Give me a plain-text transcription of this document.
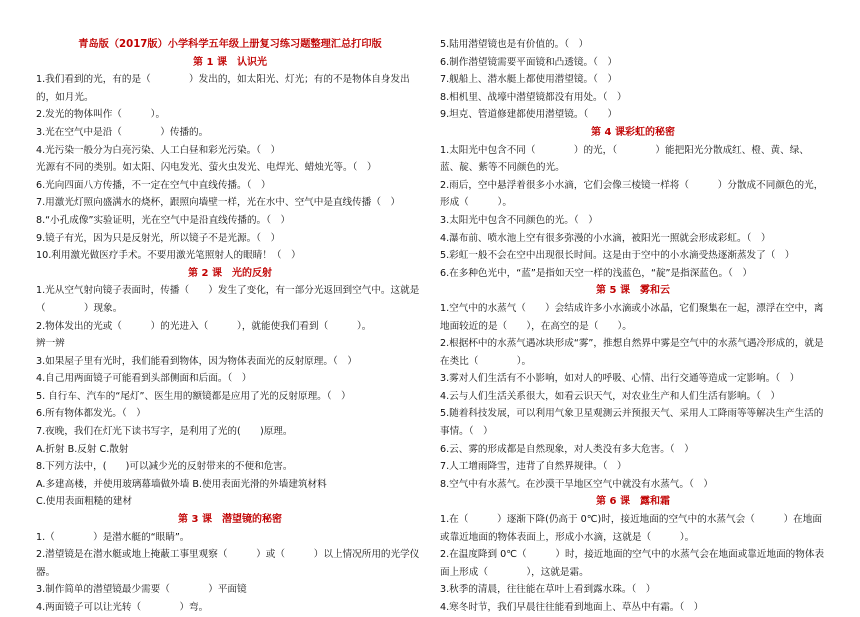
青岛版（2017版）小学科学五年级上册复习练习题整理汇总打印版

第 1 课　认识光

1.我们看到的光，有的是（　　　　）发出的，如太阳光、灯光；有的不是物体自身发出的，如月光。

2.发光的物体叫作（　　　）。

3.光在空气中是沿（　　　　）传播的。

4.光污染一般分为白亮污染、人工白昼和彩光污染。（　）

光源有不同的类别。如太阳、闪电发光、萤火虫发光、电焊光、蜡烛光等。（　）

6.光向四面八方传播，不一定在空气中直线传播。（　）

7.用激光灯照向盛满水的烧杯，跟照向墙壁一样，光在水中、空气中是直线传播（　）

8.“小孔成像”实验证明，光在空气中是沿直线传播的。（　）

9.镜子有光，因为只是反射光，所以镜子不是光源。（　）

10.利用激光做医疗手术。不要用激光笔照射人的眼睛！（　）

第 2 课　光的反射

1.光从空气射向镜子表面时，传播（　　）发生了变化，有一部分光返回到空气中。这就是（　　　　）现象。

2.物体发出的光或（　　　）的光进入（　　　），就能使我们看到（　　　）。

辨一辨

3.如果屋子里有光时，我们能看到物体，因为物体表面光的反射原理。（　）

4.自己用两面镜子可能看到头部侧面和后面。（　）

5. 自行车、汽车的“尾灯”、医生用的额镜都是应用了光的反射原理。（　）

6.所有物体都发光。（　）

7.夜晚，我们在灯光下读书写字，是利用了光的(　　)原理。

A.折射 B.反射 C.散射

8.下列方法中，(　　)可以减少光的反射带来的不便和危害。

A.多建高楼，并使用玻璃幕墙做外墙 B.使用表面光滑的外墙建筑材料

C.使用表面粗糙的建材

第 3 课　潜望镜的秘密

1.（　　　　）是潜水艇的“眼睛”。

2.潜望镜是在潜水艇或地上掩蔽工事里观察（　　　）或（　　　）以上情况所用的光学仪器。

3.制作简单的潜望镜最少需要（　　　　）平面镜

4.两面镜子可以让光转（　　　　）弯。

5.陆用潜望镜也是有价值的。（　）

6.制作潜望镜需要平面镜和凸透镜。（　）

7.舰船上、潜水艇上都使用潜望镜。（　）

8.相机里、战壕中潜望镜都没有用处。（　）

9.坦克、管道修建都使用潜望镜。（　　）

第 4 课彩虹的秘密

1.太阳光中包含不同（　　　　）的光，（　　　　）能把阳光分散成红、橙、黄、绿、蓝、靛、紫等不同颜色的光。

2.雨后，空中悬浮着很多小水滴，它们会像三棱镜一样将（　　　）分散成不同颜色的光，形成（　　　）。

3.太阳光中包含不同颜色的光。（　）

4.瀑布前、喷水池上空有很多弥漫的小水滴，被阳光一照就会形成彩虹。（　）

5.彩虹一般不会在空中出现很长时间。这是由于空中的小水滴受热逐渐蒸发了（　）

6.在多种色光中，“蓝”是指如天空一样的浅蓝色，“靛”是指深蓝色。（　）

第 5 课　雾和云

1.空气中的水蒸气（　　）会结成许多小水滴或小冰晶，它们聚集在一起，漂浮在空中，离地面较近的是（　　），在高空的是（　　）。

2.根据杯中的水蒸气遇冰块形成“雾”，推想自然界中雾是空气中的水蒸气遇冷形成的，就是在类比（　　　　）。

3.雾对人们生活有不小影响，如对人的呼吸、心情、出行交通等造成一定影响。（　）

4.云与人们生活关系很大，如看云识天气，对农业生产和人们生活有影响。（　）

5.随着科技发展，可以利用气象卫星观测云并预报天气、采用人工降雨等等解决生产生活的事情。（　）

6.云、雾的形成都是自然现象，对人类没有多大危害。（　）

7.人工增雨降雪，违背了自然界规律。（　）

8.空气中有水蒸气。在沙漠干旱地区空气中就没有水蒸气。（　）

第 6 课　露和霜

1.在（　　　）逐渐下降(仍高于 0℃)时，接近地面的空气中的水蒸气会（　　　）在地面或靠近地面的物体表面上，形成小水滴，这就是（　　　）。

2.在温度降到 0℃（　　　）时，接近地面的空气中的水蒸气会在地面或靠近地面的物体表面上形成（　　　　），这就是霜。

3.秋季的清晨，往往能在草叶上看到露水珠。（　）

4.寒冬时节，我们早晨往往能看到地面上、草丛中有霜。（　）
